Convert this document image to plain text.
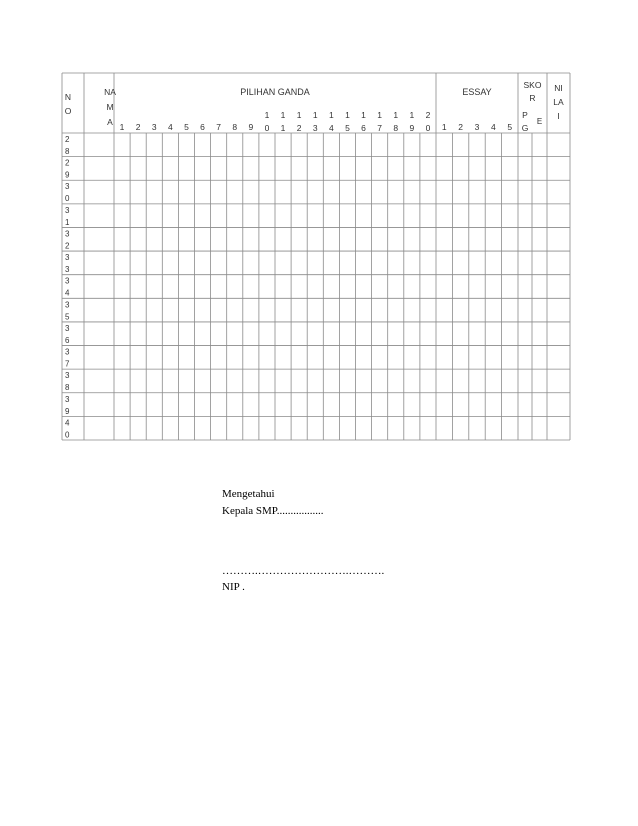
N O
NA M A
PILIHAN GANDA	ESSAY
SKO R
NI LA I
P G
E
1 2 3 4 5 6 7 8 9
1 0
1 1
1 2
1 3
1 4
1 5
1 6
1 7
1 8
1 9
2 0 1 2 3 4 5
2 8
2 9
3 0
3 1
3 2
3 3
3 4
3 5
3 6
3 7
3 8
3 9
4 0
Mengetahui
Kepala SMP.................
……….…………………….……….
NIP .
